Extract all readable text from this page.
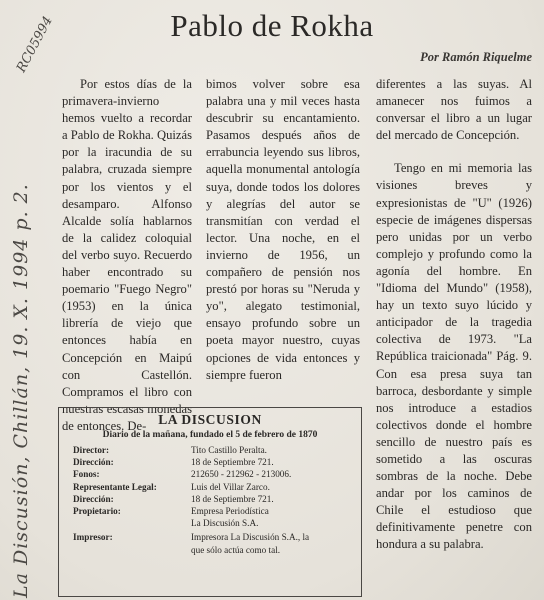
RC05994
La Discusión, Chillán, 19. X. 1994 p. 2.
Pablo de Rokha
Por Ramón Riquelme

Por estos días de la primavera-invierno hemos vuelto a recordar a Pablo de Rokha. Quizás por la iracundia de su palabra, cruzada siempre por los vientos y el desamparo. Alfonso Alcalde solía hablarnos de la calidez coloquial del verbo suyo. Recuerdo haber encontrado su poemario "Fuego Negro" (1953) en la única librería de viejo que entonces había en Concepción en Maipú con Castellón. Compramos el libro con nuestras escasas monedas de entonces. De-

bimos volver sobre esa palabra una y mil veces hasta descubrir su encantamiento. Pasamos después años de errabuncia leyendo sus libros, aquella monumental antología suya, donde todos los dolores y alegrías del autor se transmitían con verdad el lector. Una noche, en el invierno de 1956, un compañero de pensión nos prestó por horas su "Neruda y yo", alegato testimonial, ensayo profundo sobre un poeta mayor nuestro, cuyas opciones de vida entonces y siempre fueron

diferentes a las suyas. Al amanecer nos fuimos a conversar el libro a un lugar del mercado de Concepción.

Tengo en mi memoria las visiones breves y expresionistas de "U" (1926) especie de imágenes dispersas pero unidas por un verbo complejo y profundo como la agonía del hombre. En "Idioma del Mundo" (1958), hay un texto suyo lúcido y anticipador de la tragedia colectiva de 1973. "La República traicionada" Pág. 9. Con esa presa suya tan barroca, desbordante y simple nos introduce a estadios colectivos donde el hombre sencillo de nuestro país es sometido a las oscuras sombras de la noche. Debe andar por los caminos de Chile el estudioso que definitivamente penetre con hondura a su palabra.

LA DISCUSION
Diario de la mañana, fundado el 5 de febrero de 1870
Director:	Tito Castillo Peralta.
Dirección:	18 de Septiembre 721.
Fonos:	212650 - 212962 - 213006.
Representante Legal:	Luis del Villar Zarco.
Dirección:	18 de Septiembre 721.
Propietario:	Empresa Periodística
La Discusión S.A.
Impresor:	Impresora La Discusión S.A., la
que sólo actúa como tal.
